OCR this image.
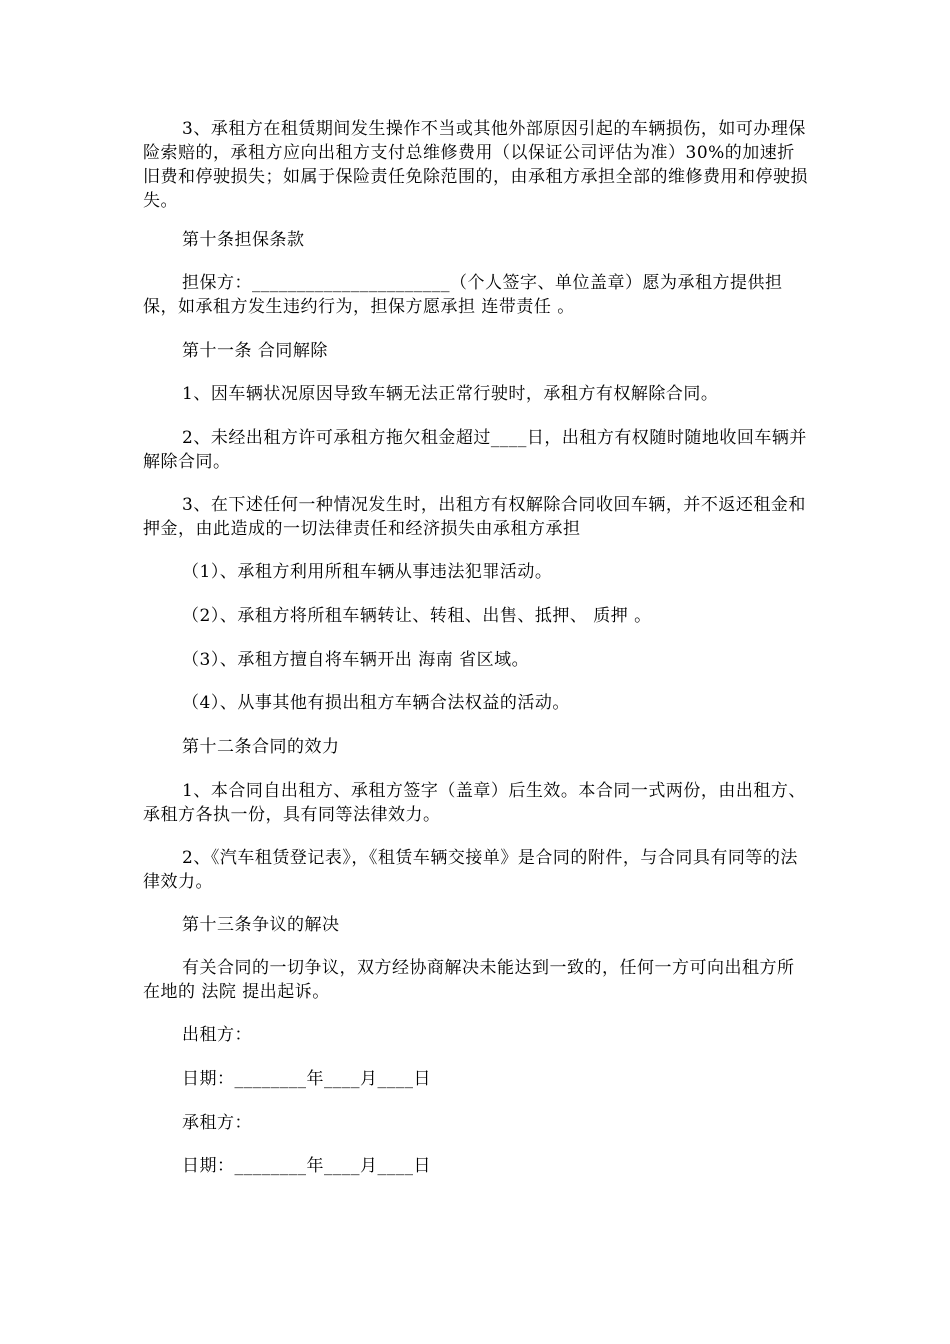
3、承租方在租赁期间发生操作不当或其他外部原因引起的车辆损伤，如可办理保险索赔的，承租方应向出租方支付总维修费用（以保证公司评估为准）30%的加速折旧费和停驶损失；如属于保险责任免除范围的，由承租方承担全部的维修费用和停驶损失。

第十条担保条款

担保方：______________________（个人签字、单位盖章）愿为承租方提供担保，如承租方发生违约行为，担保方愿承担 连带责任 。

第十一条 合同解除

1、因车辆状况原因导致车辆无法正常行驶时，承租方有权解除合同。

2、未经出租方许可承租方拖欠租金超过____日，出租方有权随时随地收回车辆并解除合同。

3、在下述任何一种情况发生时，出租方有权解除合同收回车辆，并不返还租金和押金，由此造成的一切法律责任和经济损失由承租方承担

（1）、承租方利用所租车辆从事违法犯罪活动。

（2）、承租方将所租车辆转让、转租、出售、抵押、 质押 。

（3）、承租方擅自将车辆开出 海南 省区域。

（4）、从事其他有损出租方车辆合法权益的活动。

第十二条合同的效力

1、本合同自出租方、承租方签字（盖章）后生效。本合同一式两份，由出租方、承租方各执一份，具有同等法律效力。

2、《汽车租赁登记表》，《租赁车辆交接单》是合同的附件，与合同具有同等的法律效力。

第十三条争议的解决

有关合同的一切争议，双方经协商解决未能达到一致的，任何一方可向出租方所在地的 法院 提出起诉。

出租方：

日期：________年____月____日

承租方：

日期：________年____月____日
